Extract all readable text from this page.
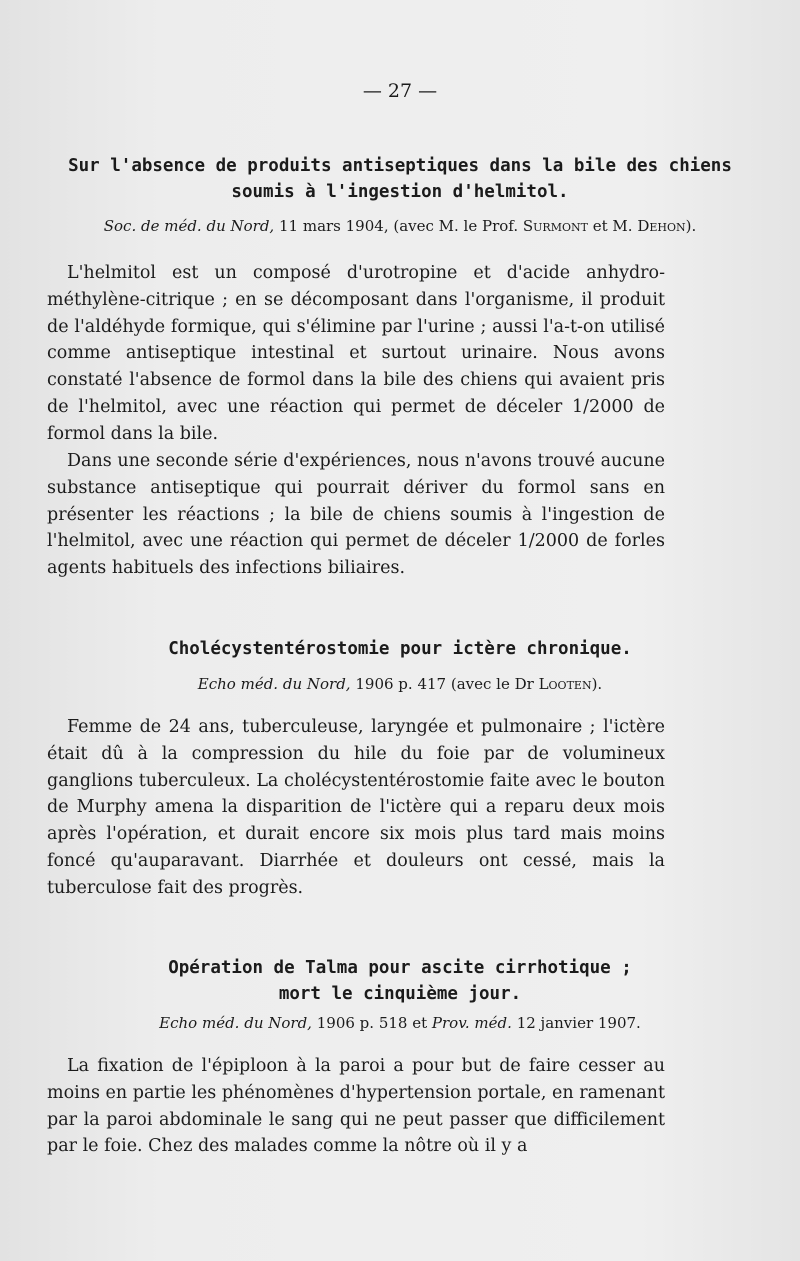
— 27 —
Sur l'absence de produits antiseptiques dans la bile des chiens
soumis à l'ingestion d'helmitol.
Soc. de méd. du Nord, 11 mars 1904, (avec M. le Prof. Surmont et M. Dehon).

L'helmitol est un composé d'urotropine et d'acide anhydro-méthylène-citrique ; en se décomposant dans l'organisme, il produit de l'aldéhyde formique, qui s'élimine par l'urine ; aussi l'a-t-on utilisé comme antiseptique intestinal et surtout urinaire. Nous avons constaté l'absence de formol dans la bile des chiens qui avaient pris de l'helmitol, avec une réaction qui permet de déceler 1/2000 de formol dans la bile.

Dans une seconde série d'expériences, nous n'avons trouvé aucune substance antiseptique qui pourrait dériver du formol sans en présenter les réactions ; la bile de chiens soumis à l'ingestion de l'helmitol, avec une réaction qui permet de déceler 1/2000 de forles agents habituels des infections biliaires.

Cholécystentérostomie pour ictère chronique.
Echo méd. du Nord, 1906 p. 417 (avec le Dr Looten).

Femme de 24 ans, tuberculeuse, laryngée et pulmonaire ; l'ictère était dû à la compression du hile du foie par de volumineux ganglions tuberculeux. La cholécystentérostomie faite avec le bouton de Murphy amena la disparition de l'ictère qui a reparu deux mois après l'opération, et durait encore six mois plus tard mais moins foncé qu'auparavant. Diarrhée et douleurs ont cessé, mais la tuberculose fait des progrès.

Opération de Talma pour ascite cirrhotique ;
mort le cinquième jour.
Echo méd. du Nord, 1906 p. 518 et Prov. méd. 12 janvier 1907.

La fixation de l'épiploon à la paroi a pour but de faire cesser au moins en partie les phénomènes d'hypertension portale, en ramenant par la paroi abdominale le sang qui ne peut passer que difficilement par le foie. Chez des malades comme la nôtre où il y a
